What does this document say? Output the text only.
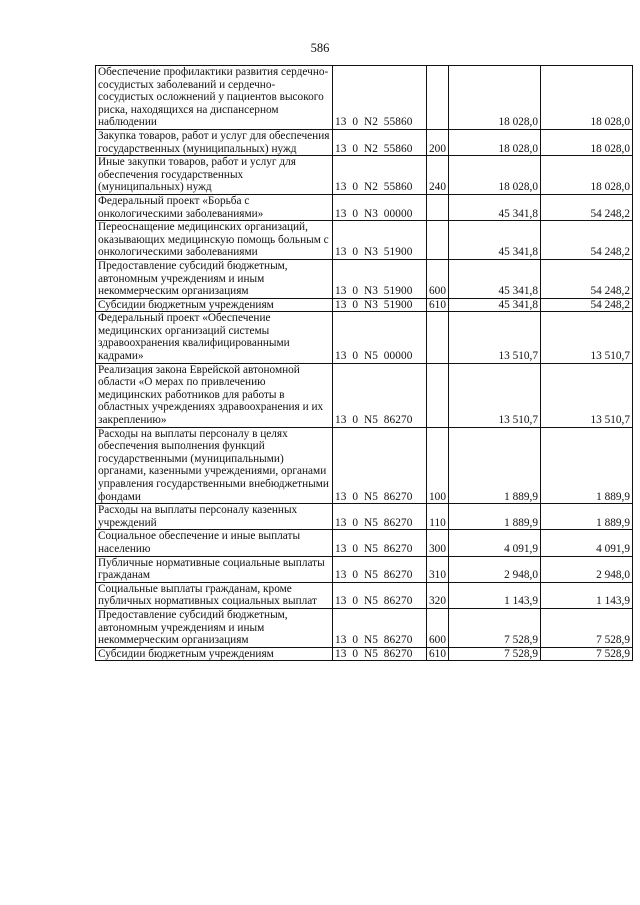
586
Обеспечение профилактики развития сердечно-сосудистых заболеваний и сердечно-сосудистых осложнений у пациентов высокого риска, находящихся на диспансерном наблюдении	13  0  N2  55860		18 028,0	18 028,0
Закупка товаров, работ и услуг для обеспечения государственных (муниципальных) нужд	13  0  N2  55860	200	18 028,0	18 028,0
Иные закупки товаров, работ и услуг для обеспечения государственных (муниципальных) нужд	13  0  N2  55860	240	18 028,0	18 028,0
Федеральный проект «Борьба с онкологическими заболеваниями»	13  0  N3  00000		45 341,8	54 248,2
Переоснащение медицинских организаций, оказывающих медицинскую помощь больным с онкологическими заболеваниями	13  0  N3  51900		45 341,8	54 248,2
Предоставление субсидий бюджетным, автономным учреждениям и иным некоммерческим организациям	13  0  N3  51900	600	45 341,8	54 248,2
Субсидии бюджетным учреждениям	13  0  N3  51900	610	45 341,8	54 248,2
Федеральный проект «Обеспечение медицинских организаций системы здравоохранения квалифицированными кадрами»	13  0  N5  00000		13 510,7	13 510,7
Реализация закона Еврейской автономной области «О мерах по привлечению медицинских работников для работы в областных учреждениях здравоохранения и их закреплению»	13  0  N5  86270		13 510,7	13 510,7
Расходы на выплаты персоналу в целях обеспечения выполнения функций государственными (муниципальными) органами, казенными учреждениями, органами управления государственными внебюджетными фондами	13  0  N5  86270	100	1 889,9	1 889,9
Расходы на выплаты персоналу казенных учреждений	13  0  N5  86270	110	1 889,9	1 889,9
Социальное обеспечение и иные выплаты населению	13  0  N5  86270	300	4 091,9	4 091,9
Публичные нормативные социальные выплаты гражданам	13  0  N5  86270	310	2 948,0	2 948,0
Социальные выплаты гражданам, кроме публичных нормативных социальных выплат	13  0  N5  86270	320	1 143,9	1 143,9
Предоставление субсидий бюджетным, автономным учреждениям и иным некоммерческим организациям	13  0  N5  86270	600	7 528,9	7 528,9
Субсидии бюджетным учреждениям	13  0  N5  86270	610	7 528,9	7 528,9
